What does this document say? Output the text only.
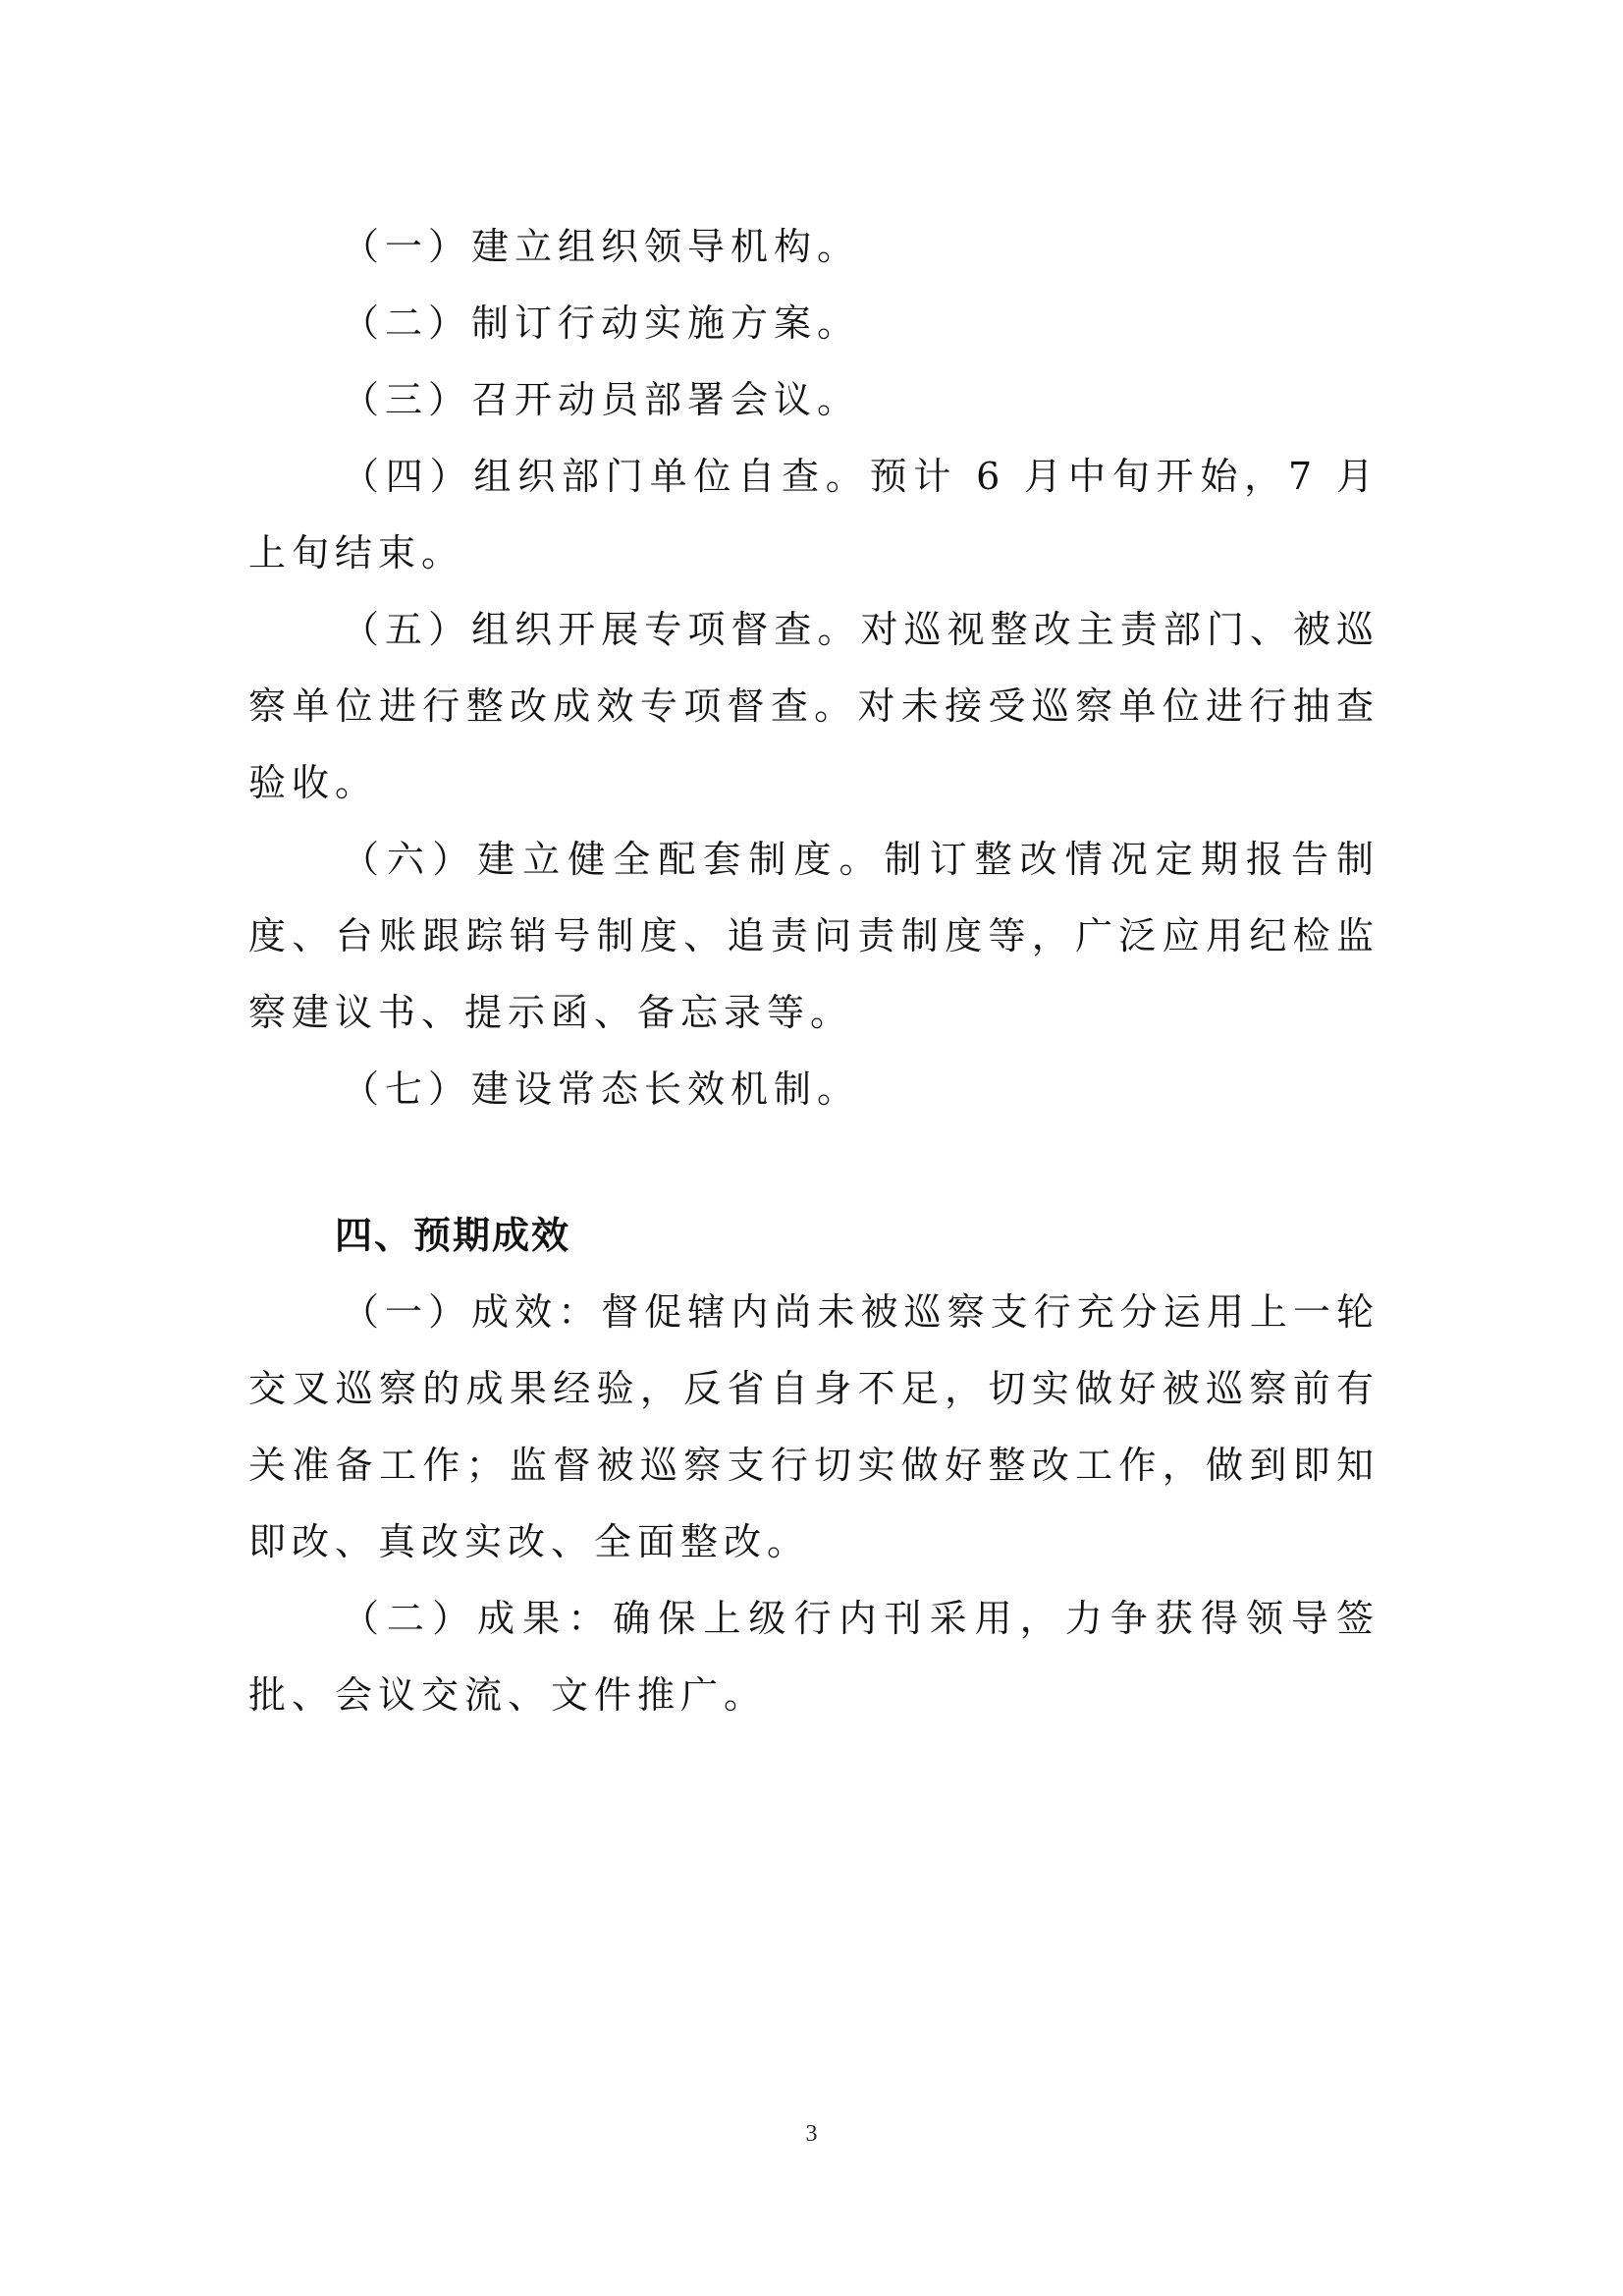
（一）建立组织领导机构。

（二）制订行动实施方案。

（三）召开动员部署会议。

（四）组织部门单位自查。预计 6 月中旬开始，7 月上旬结束。

（五）组织开展专项督查。对巡视整改主责部门、被巡察单位进行整改成效专项督查。对未接受巡察单位进行抽查验收。

（六）建立健全配套制度。制订整改情况定期报告制度、台账跟踪销号制度、追责问责制度等，广泛应用纪检监察建议书、提示函、备忘录等。

（七）建设常态长效机制。

四、预期成效

（一）成效：督促辖内尚未被巡察支行充分运用上一轮交叉巡察的成果经验，反省自身不足，切实做好被巡察前有关准备工作；监督被巡察支行切实做好整改工作，做到即知即改、真改实改、全面整改。

（二）成果：确保上级行内刊采用，力争获得领导签批、会议交流、文件推广。

3
